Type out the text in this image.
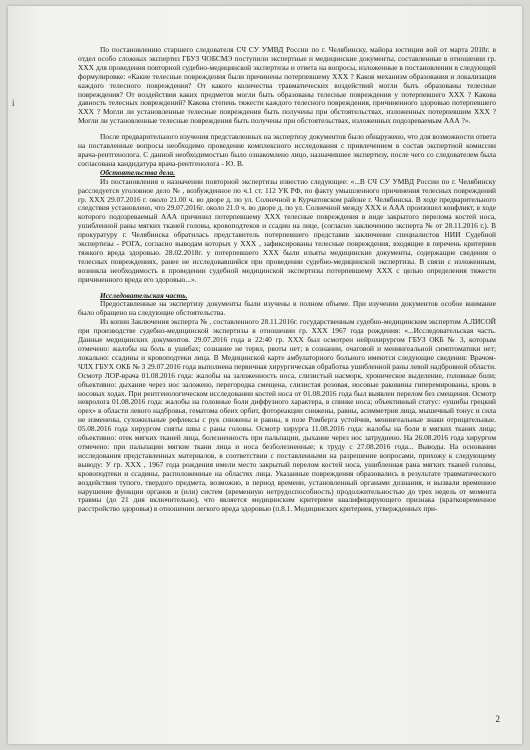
i

По постановлению старшего следователя СЧ СУ УМВД России по г. Челябинску, майора юстиции вой от марта 2018г. в отдел особо сложных экспертиз ГБУЗ ЧОБСМЭ поступили экспертные и медицинские документы, составленные в отношении гр. XXX для проведения повторной судебно-медицинской экспертизы и ответа на вопросы, изложенные в постановлении в следующей формулировке: «Какие телесные повреждения были причинены потерпевшему XXX ? Каков механизм образования и локализация каждого телесного повреждения? От какого количества травматических воздействий могли быть образованы телесные повреждения? От воздействия каких предметов могли быть образованы телесные повреждения у потерпевшего XXX ? Какова давность телесных повреждений? Какова степень тяжести каждого телесного повреждения, причиненного здоровью потерпевшего XXX ? Могли ли установленные телесные повреждения быть получены при обстоятельствах, изложенных потерпевшим XXX ? Могли ли установленные телесные повреждения быть получены при обстоятельствах, изложенных подозреваемым ААА ?».

После предварительного изучения представленных на экспертизу документов было обнаружено, что для возможности ответа на поставленные вопросы необходимо проведение комплексного исследования с привлечением в состав экспертной комиссии врача-рентгенолога. С данной необходимостью было ознакомлено лицо, назначившее экспертизу, после чего со следователем была согласована кандидатура врача-рентгенолога - Ю. В.

Обстоятельства дела.

Из постановления о назначении повторной экспертизы известно следующее: «...В СЧ СУ УМВД России по г. Челябинску расследуется уголовное дело № , возбужденное по ч.1 ст. 112 УК РФ, по факту умышленного причинения телесных повреждений гр. XXX 29.07.2016 г. около 21.00 ч. во дворе д. по ул. Солнечной в Курчатовском районе г. Челябинска. В ходе предварительного следствия установлено, что 29.07.2016г. около 21.0 ч. во дворе д. по ул. Солнечной между XXX и ААА произошел конфликт, в ходе которого подозреваемый ААА причинил потерпевшему XXX телесные повреждения в виде закрытого перелома костей носа, ушибленной раны мягких тканей головы, кровоподтеков и ссадин на лице, (согласно заключению эксперта № от 28.11.2016 г.). В прокуратуру г. Челябинска обратилась представитель потерпевшего представив заключение специалистов НИИ Судебной экспертизы - РОГА, согласно выводам которых у XXX , зафиксированы телесные повреждения, входящие в перечень критериев тяжкого вреда здоровью. 28.02.2018г. у потерпевшего XXX были изъяты медицинские документы, содержащие сведения о телесных повреждениях, ранее не исследовавшийся при проведении судебно-медицинской экспертизы. В связи с изложенным, возникла необходимость в проведении судебной медицинской экспертизы потерпевшему XXX с целью определения тяжести причиненного вреда его здоровью...».

Исследовательская часть.

Предоставленные на экспертизу документы были изучены в полном объеме. При изучении документов особое внимание было обращено на следующие обстоятельства.

Из копии Заключения эксперта № , составленного 28.11.2016г. государственным судебно-медицинским экспертом А.ЛИСОЙ при производстве судебно-медицинской экспертизы в отношении гр. XXX 1967 года рождения: «...Исследовательская часть. Данные медицинских документов. 29.07.2016 года в 22:40 гр. XXX был осмотрен нейрохирургом ГБУЗ ОКБ № 3, которым отмечено: жалобы на боль в ушибах; сознание не терял, рвоты нет; в сознании, очаговой и менингеальной симптоматики нет; локально: ссадины и кровоподтеки лица. В Медицинской карте амбулаторного больного имеются следующие сведения: Врачом-ЧЛХ ГБУХ ОКБ № 3 29.07.2016 года выполнена первичная хирургическая обработка ушибленной раны левой надбровной области. Осмотр ЛОР-врача 01.08.2016 года: жалобы на заложенность носа, слизистый насморк, хроническое выделение, головные боли; объективно: дыхание через нос заложено, перегородка смещена, слизистая розовая, носовые раковины гиперемированы, кровь в носовых ходах. При рентгенологическом исследовании костей носа от 01.08.2016 года был выявлен перелом без смещения. Осмотр невролога 01.08.2016 года: жалобы на головные боли диффузного характера, в спинке носа; объективный статус: «ушибы грецкий орех» в области левого надбровья, гематома обеих орбит, фотореакции снижены, равны, асимметрия лица, мышечный тонус и сила не изменены, сухожильные рефлексы с рук снижены и равны, в позе Ромберга устойчив, менингеальные знаки отрицательные. 05.08.2016 года хирургом сняты швы с раны головы. Осмотр хирурга 11.08.2016 года: жалобы на боли в мягких тканях лица; объективно: отек мягких тканей лица, болезненность при пальпации, дыхание через нос затруднено. На 26.08.2016 года хирургом отмечено: при пальпации мягкие ткани лица и носа безболезненные; к труду с 27.08.2016 года... Выводы. На основании исследования представленных материалов, в соответствии с поставленными на разрешение вопросами, прихожу к следующему выводу: У гр. XXX , 1967 года рождения имели место закрытый перелом костей носа, ушибленная рана мягких тканей головы, кровоподтеки и ссадины, расположенные на областях лица. Указанные повреждения образовались в результате травматического воздействия тупого, твердого предмета, возможно, в период времени, установленный органами дознания, и вызвали временное нарушение функции органов и (или) систем (временную нетрудоспособность) продолжительностью до трех недель от момента травмы (до 21 дня включительно), что является медицинским критерием квалифицирующего признака (кратковременное расстройство здоровья) в отношении легкого вреда здоровью (п.8.1. Медицинских критериев, утвержденных при-

2
